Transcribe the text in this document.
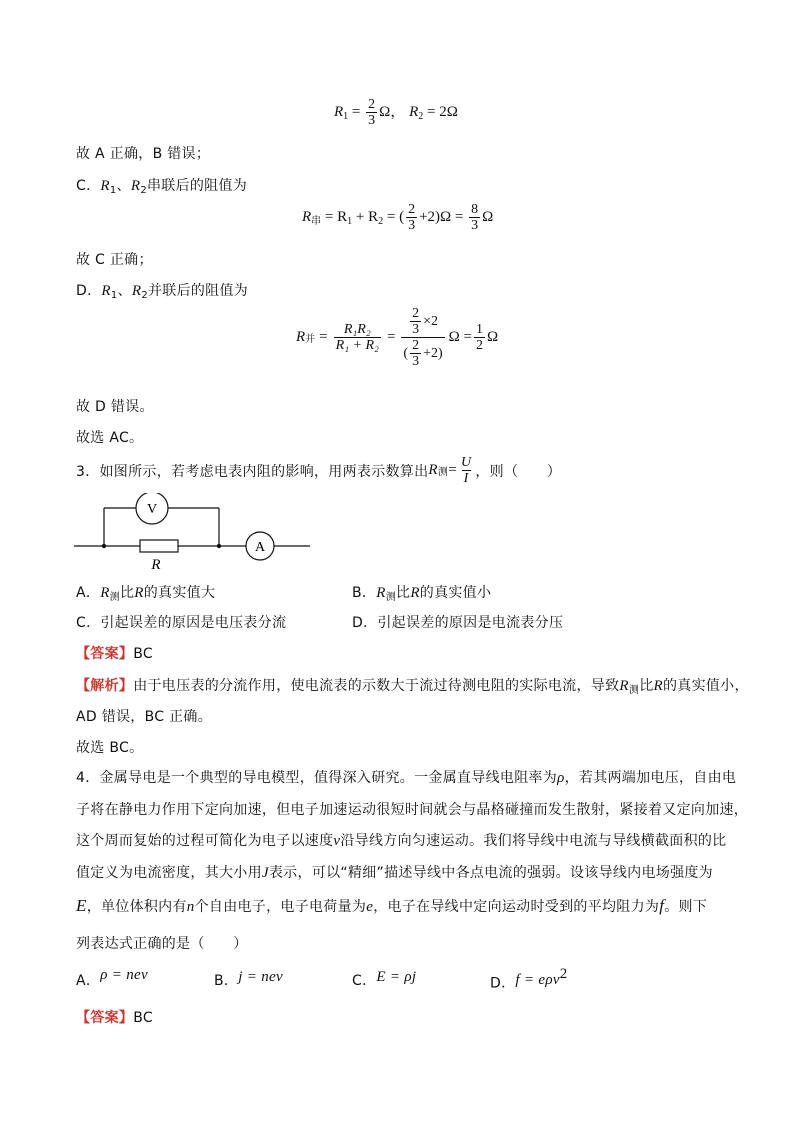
$R_1 = \frac{2}{3}$ Ω， $R_2 = 2\Omega$
故 A 正确，B 错误；
C．$R_1$、$R_2$串联后的阻值为
$R_串 = R_1 + R_2$ = ( $\frac{2}{3} +2)\Omega = \frac{8}{3}$ Ω
故 C 正确；
D．$R_1$、$R_2$并联后的阻值为
R 并 = $\frac{\text{R₁R₂}}{\text{R₁ + R₂}} = \frac{\frac{2}{3} \times 2}{( \frac{2}{3} +2)}$ $\Omega = \frac{1}{2}$ Ω
故 D 错误。
故选 AC。
3．如图所示，若考虑电表内阻的影响，用两表示数算出 R 测 = $\frac{U}{I}$ ，则（　　）
V
R
A
A．$R_测$比R的真实值大	B．$R_测$比R的真实值小
C．引起误差的原因是电压表分流	D．引起误差的原因是电流表分压
【答案】BC
【解析】由于电压表的分流作用，使电流表的示数大于流过待测电阻的实际电流，导致$R_测$比R的真实值小，
AD 错误，BC 正确。
故选 BC。
4．金属导电是一个典型的导电模型，值得深入研究。一金属直导线电阻率为ρ，若其两端加电压，自由电
子将在静电力作用下定向加速，但电子加速运动很短时间就会与晶格碰撞而发生散射，紧接着又定向加速，
这个周而复始的过程可简化为电子以速度v沿导线方向匀速运动。我们将导线中电流与导线横截面积的比
值定义为电流密度，其大小用J表示，可以“精细”描述导线中各点电流的强弱。设该导线内电场强度为
E，单位体积内有n个自由电子，电子电荷量为e，电子在导线中定向运动时受到的平均阻力为f。则下
列表达式正确的是（　　）
A．ρ = nev	B．j = nev	C．E = ρj	D．f = eρv$^2$
【答案】BC
